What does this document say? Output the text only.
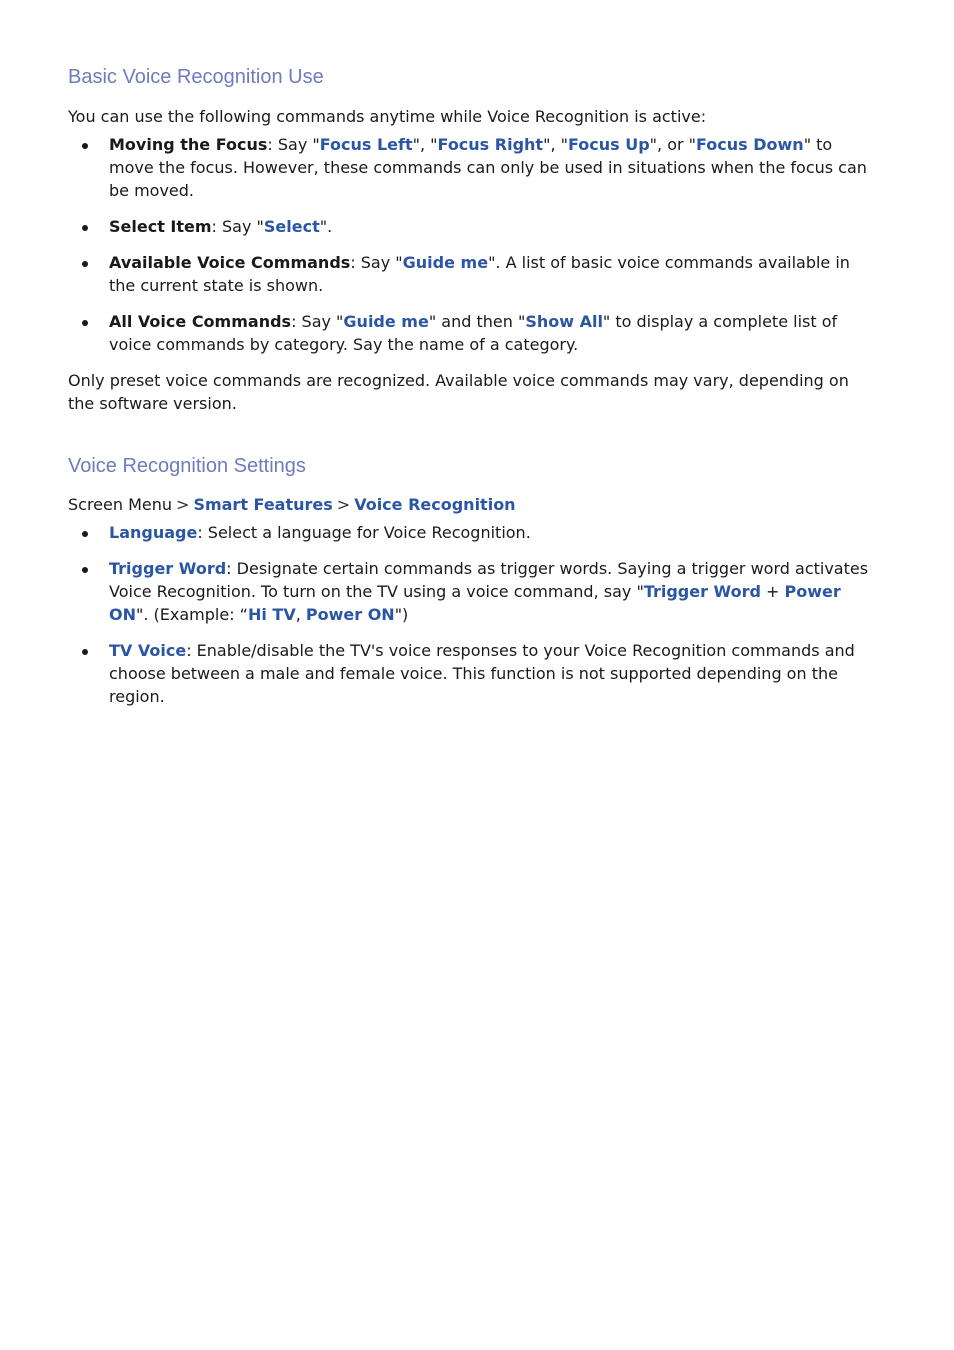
Basic Voice Recognition Use

You can use the following commands anytime while Voice Recognition is active:

Moving the Focus: Say "Focus Left", "Focus Right", "Focus Up", or "Focus Down" to move the focus. However, these commands can only be used in situations when the focus can be moved.
Select Item: Say "Select".
Available Voice Commands: Say "Guide me". A list of basic voice commands available in the current state is shown.
All Voice Commands: Say "Guide me" and then "Show All" to display a complete list of voice commands by category. Say the name of a category.

Only preset voice commands are recognized. Available voice commands may vary, depending on the software version.

Voice Recognition Settings

Screen Menu > Smart Features > Voice Recognition

Language: Select a language for Voice Recognition.
Trigger Word: Designate certain commands as trigger words. Saying a trigger word activates Voice Recognition. To turn on the TV using a voice command, say "Trigger Word + Power ON". (Example: “Hi TV, Power ON")
TV Voice: Enable/disable the TV's voice responses to your Voice Recognition commands and choose between a male and female voice. This function is not supported depending on the region.
